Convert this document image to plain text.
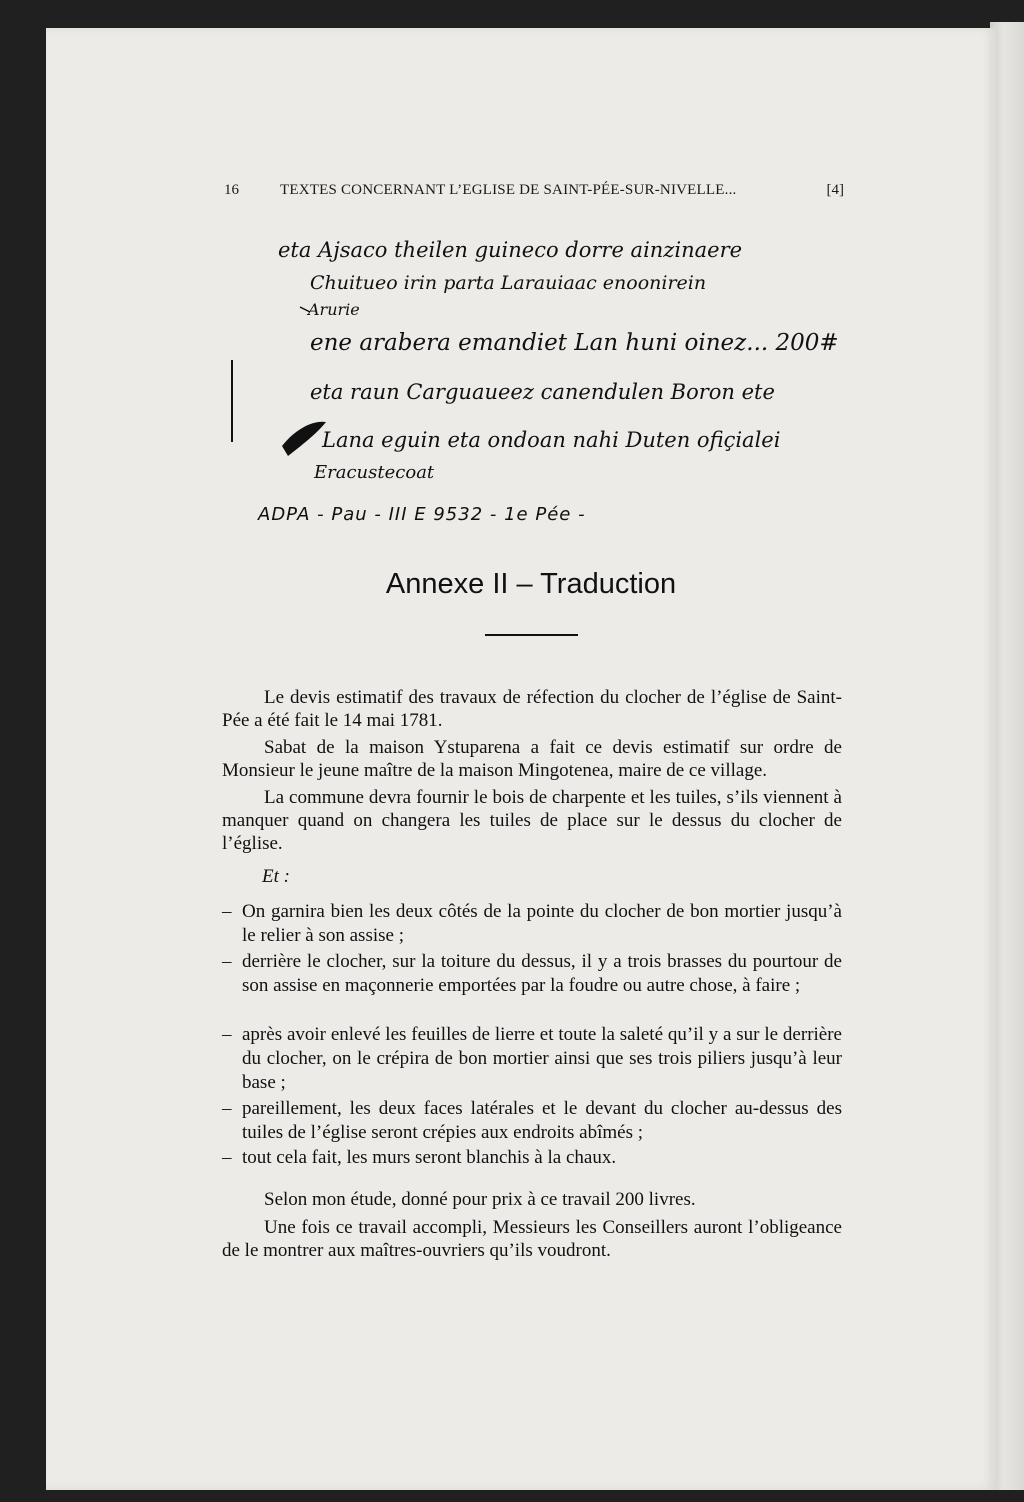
16	TEXTES CONCERNANT L’EGLISE DE SAINT-PÉE-SUR-NIVELLE...	[4]
eta Ajsaco theilen guineco dorre ainzinaere
Chuitueo irin parta Larauiaac enoonirein
Arurie
ene arabera emandiet Lan huni oinez... 200#
eta raun Carguaueez canendulen Boron ete
Lana eguin eta ondoan nahi Duten ofiçialei
Eracustecoat
ADPA - Pau - III E 9532 - 1e Pée -
Annexe II – Traduction

Le devis estimatif des travaux de réfection du clocher de l’église de Saint-Pée a été fait le 14 mai 1781.

Sabat de la maison Ystuparena a fait ce devis estimatif sur ordre de Monsieur le jeune maître de la maison Mingotenea, maire de ce village.

La commune devra fournir le bois de charpente et les tuiles, s’ils viennent à manquer quand on changera les tuiles de place sur le dessus du clocher de l’église.

Et :
– On garnira bien les deux côtés de la pointe du clocher de bon mortier jusqu’à le relier à son assise ;
– derrière le clocher, sur la toiture du dessus, il y a trois brasses du pourtour de son assise en maçonnerie emportées par la foudre ou autre chose, à faire ;
– après avoir enlevé les feuilles de lierre et toute la saleté qu’il y a sur le derrière du clocher, on le crépira de bon mortier ainsi que ses trois piliers jusqu’à leur base ;
– pareillement, les deux faces latérales et le devant du clocher au-dessus des tuiles de l’église seront crépies aux endroits abîmés ;
– tout cela fait, les murs seront blanchis à la chaux.

Selon mon étude, donné pour prix à ce travail 200 livres.

Une fois ce travail accompli, Messieurs les Conseillers auront l’obligeance de le montrer aux maîtres-ouvriers qu’ils voudront.
